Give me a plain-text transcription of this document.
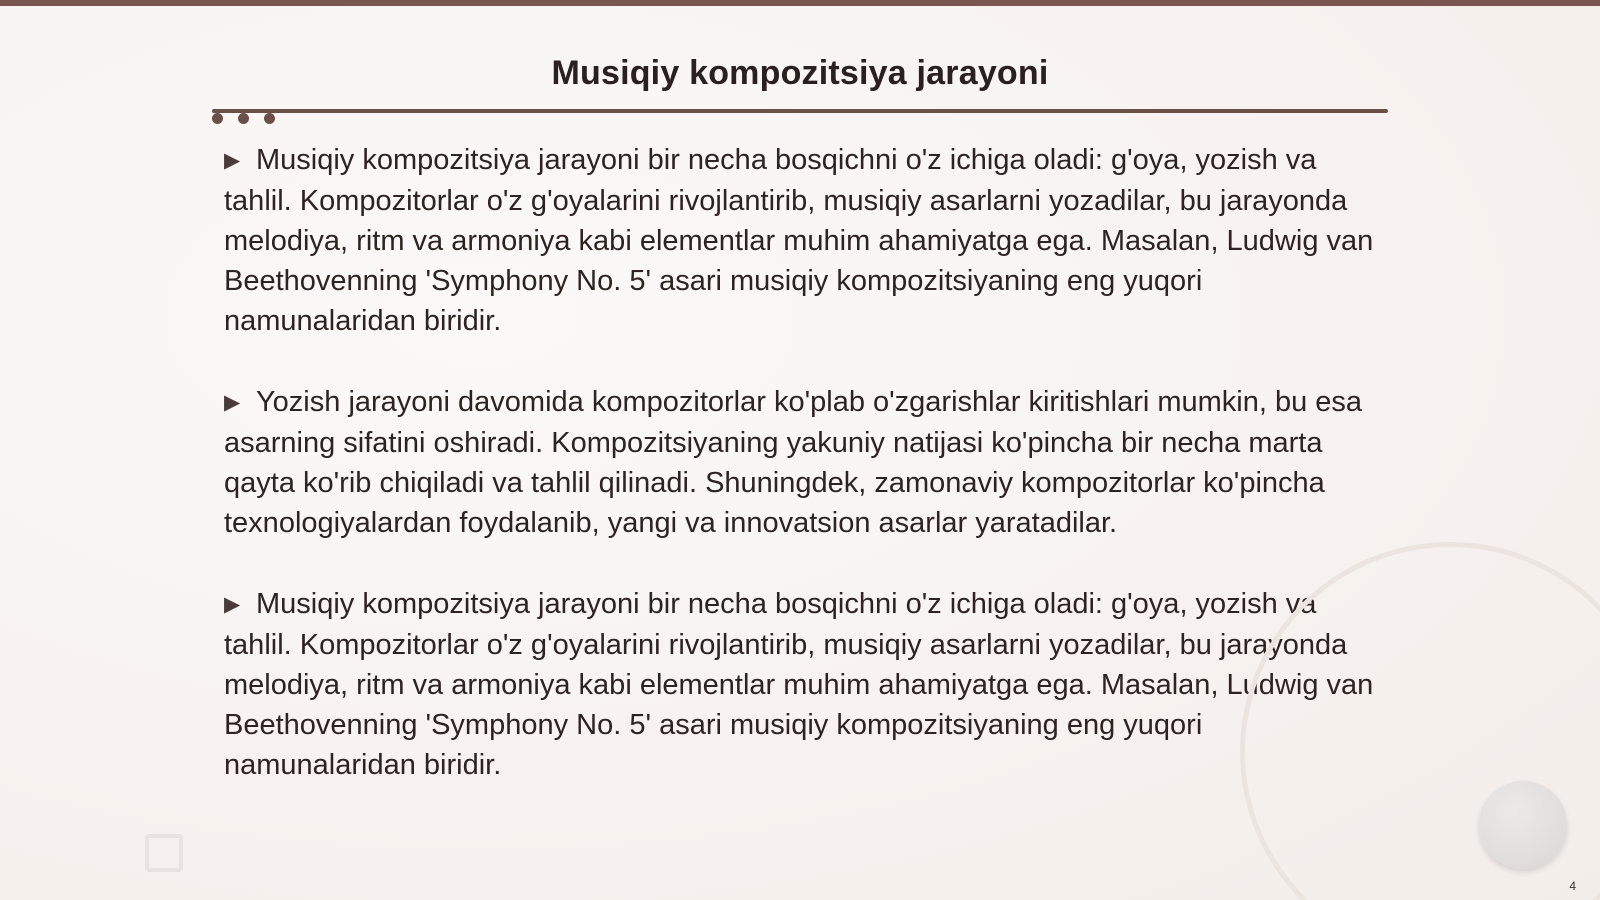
Musiqiy kompozitsiya jarayoni

▶ Musiqiy kompozitsiya jarayoni bir necha bosqichni o'z ichiga oladi: g'oya, yozish va tahlil. Kompozitorlar o'z g'oyalarini rivojlantirib, musiqiy asarlarni yozadilar, bu jarayonda melodiya, ritm va armoniya kabi elementlar muhim ahamiyatga ega. Masalan, Ludwig van Beethovenning 'Symphony No. 5' asari musiqiy kompozitsiyaning eng yuqori namunalaridan biridir.

▶ Yozish jarayoni davomida kompozitorlar ko'plab o'zgarishlar kiritishlari mumkin, bu esa asarning sifatini oshiradi. Kompozitsiyaning yakuniy natijasi ko'pincha bir necha marta qayta ko'rib chiqiladi va tahlil qilinadi. Shuningdek, zamonaviy kompozitorlar ko'pincha texnologiyalardan foydalanib, yangi va innovatsion asarlar yaratadilar.

▶ Musiqiy kompozitsiya jarayoni bir necha bosqichni o'z ichiga oladi: g'oya, yozish va tahlil. Kompozitorlar o'z g'oyalarini rivojlantirib, musiqiy asarlarni yozadilar, bu jarayonda melodiya, ritm va armoniya kabi elementlar muhim ahamiyatga ega. Masalan, Ludwig van Beethovenning 'Symphony No. 5' asari musiqiy kompozitsiyaning eng yuqori namunalaridan biridir.

4
